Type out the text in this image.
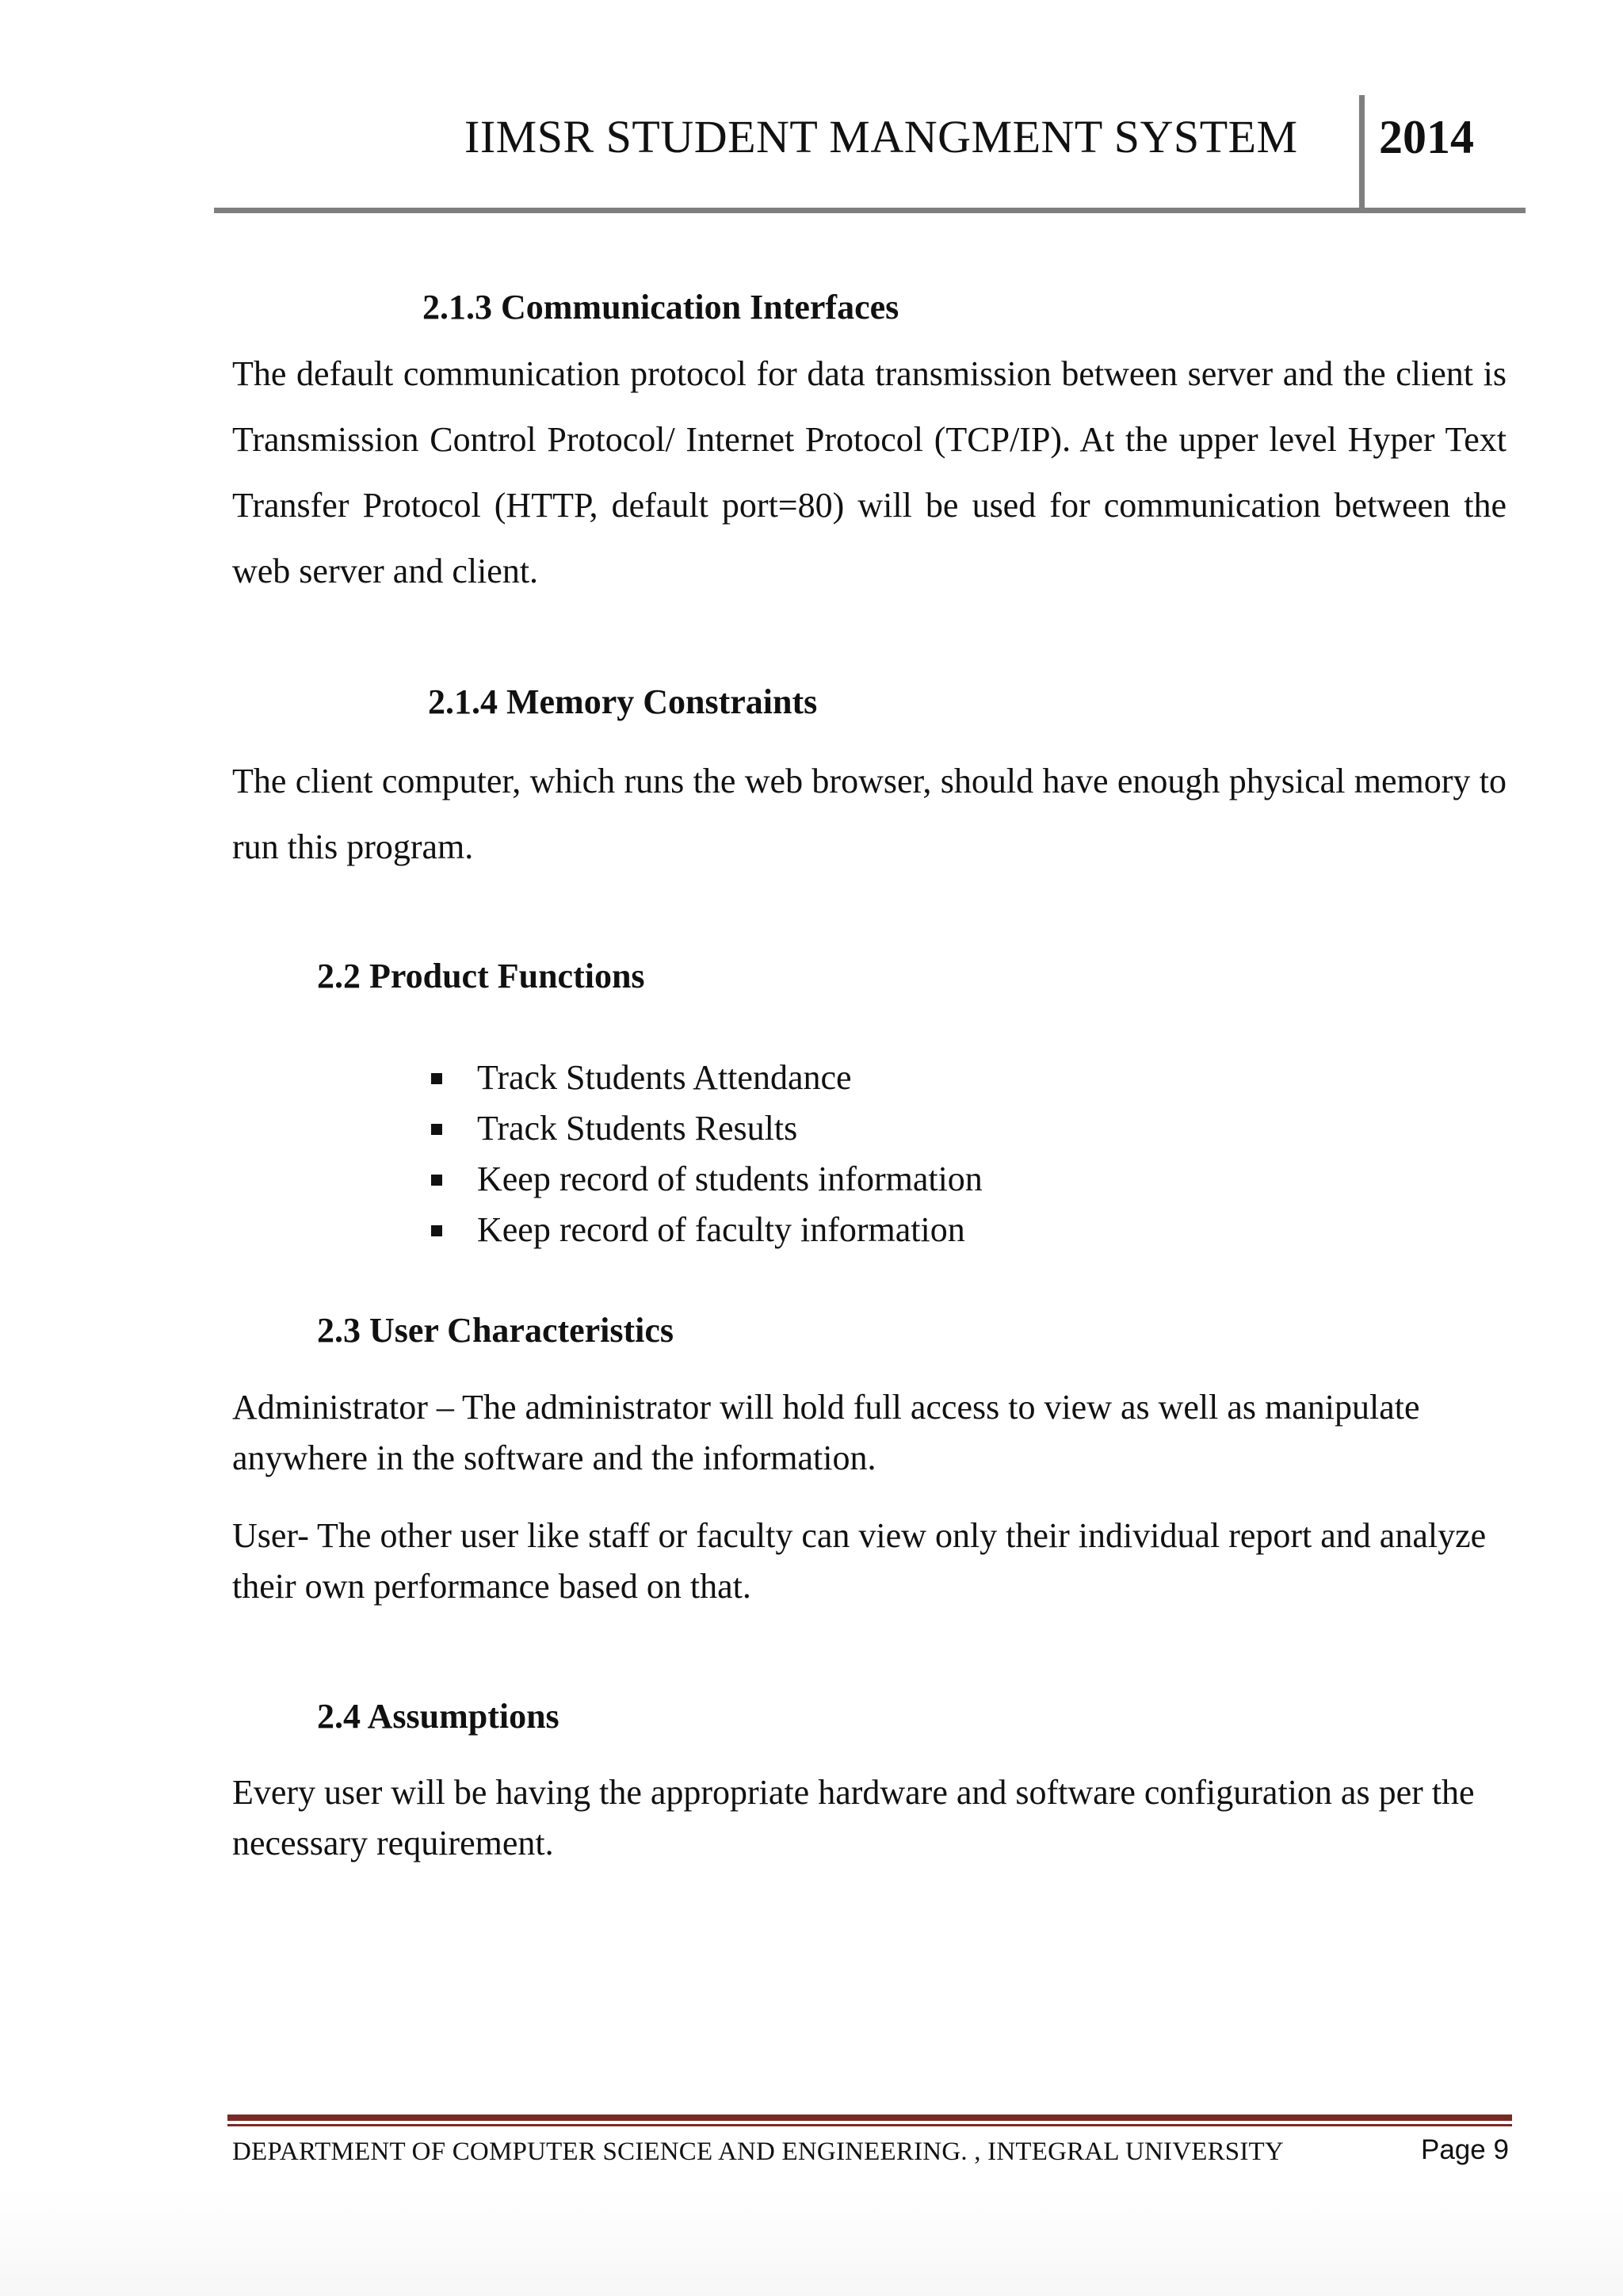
IIMSR STUDENT MANGMENT SYSTEM 2014
2.1.3 Communication Interfaces
The default communication protocol for data transmission between server and the client is Transmission Control Protocol/ Internet Protocol (TCP/IP). At the upper level Hyper Text Transfer Protocol (HTTP, default port=80) will be used for communication between the web server and client.
2.1.4 Memory Constraints
The client computer, which runs the web browser, should have enough physical memory to run this program.
2.2 Product Functions
Track Students Attendance
Track Students Results
Keep record of students information
Keep record of faculty information
2.3 User Characteristics
Administrator – The administrator will hold full access to view as well as manipulate anywhere in the software and the information.
User- The other user like staff or faculty can view only their individual report and analyze their own performance based on that.
2.4 Assumptions
Every user will be having the appropriate hardware and software configuration as per the necessary requirement.
DEPARTMENT OF COMPUTER SCIENCE AND ENGINEERING. , INTEGRAL UNIVERSITY	Page 9
